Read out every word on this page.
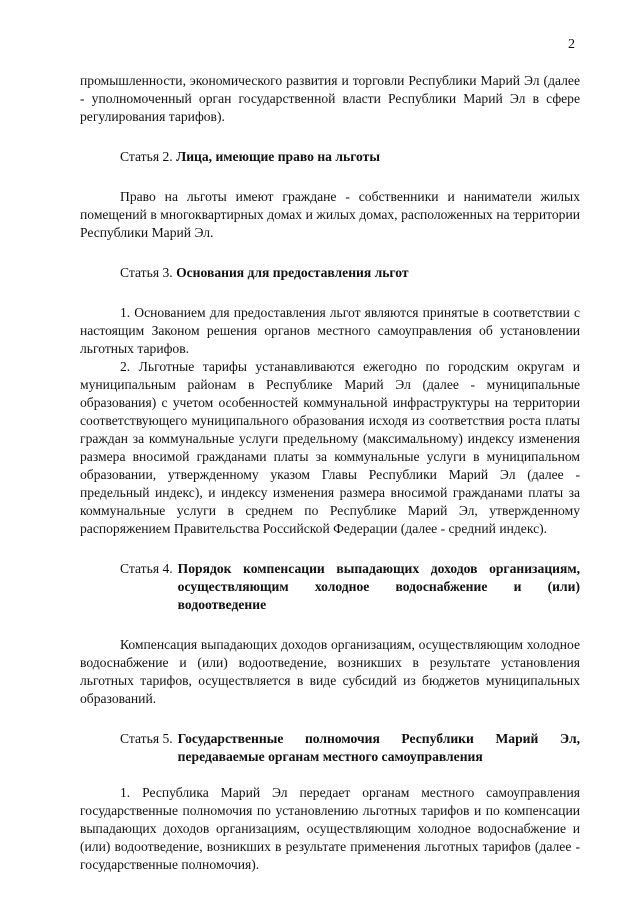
2

промышленности, экономического развития и торговли Республики Марий Эл (далее - уполномоченный орган государственной власти Республики Марий Эл в сфере регулирования тарифов).

Статья 2. Лица, имеющие право на льготы

Право на льготы имеют граждане - собственники и наниматели жилых помещений в многоквартирных домах и жилых домах, расположенных на территории Республики Марий Эл.

Статья 3. Основания для предоставления льгот

1. Основанием для предоставления льгот являются принятые в соответствии с настоящим Законом решения органов местного самоуправления об установлении льготных тарифов.

2. Льготные тарифы устанавливаются ежегодно по городским округам и муниципальным районам в Республике Марий Эл (далее - муниципальные образования) с учетом особенностей коммунальной инфраструктуры на территории соответствующего муниципального образования исходя из соответствия роста платы граждан за коммунальные услуги предельному (максимальному) индексу изменения размера вносимой гражданами платы за коммунальные услуги в муниципальном образовании, утвержденному указом Главы Республики Марий Эл (далее - предельный индекс), и индексу изменения размера вносимой гражданами платы за коммунальные услуги в среднем по Республике Марий Эл, утвержденному распоряжением Правительства Российской Федерации (далее - средний индекс).

Статья 4. Порядок компенсации выпадающих доходов организациям, осуществляющим холодное водоснабжение и (или) водоотведение

Компенсация выпадающих доходов организациям, осуществляющим холодное водоснабжение и (или) водоотведение, возникших в результате установления льготных тарифов, осуществляется в виде субсидий из бюджетов муниципальных образований.

Статья 5. Государственные полномочия Республики Марий Эл, передаваемые органам местного самоуправления

1. Республика Марий Эл передает органам местного самоуправления государственные полномочия по установлению льготных тарифов и по компенсации выпадающих доходов организациям, осуществляющим холодное водоснабжение и (или) водоотведение, возникших в результате применения льготных тарифов (далее - государственные полномочия).
